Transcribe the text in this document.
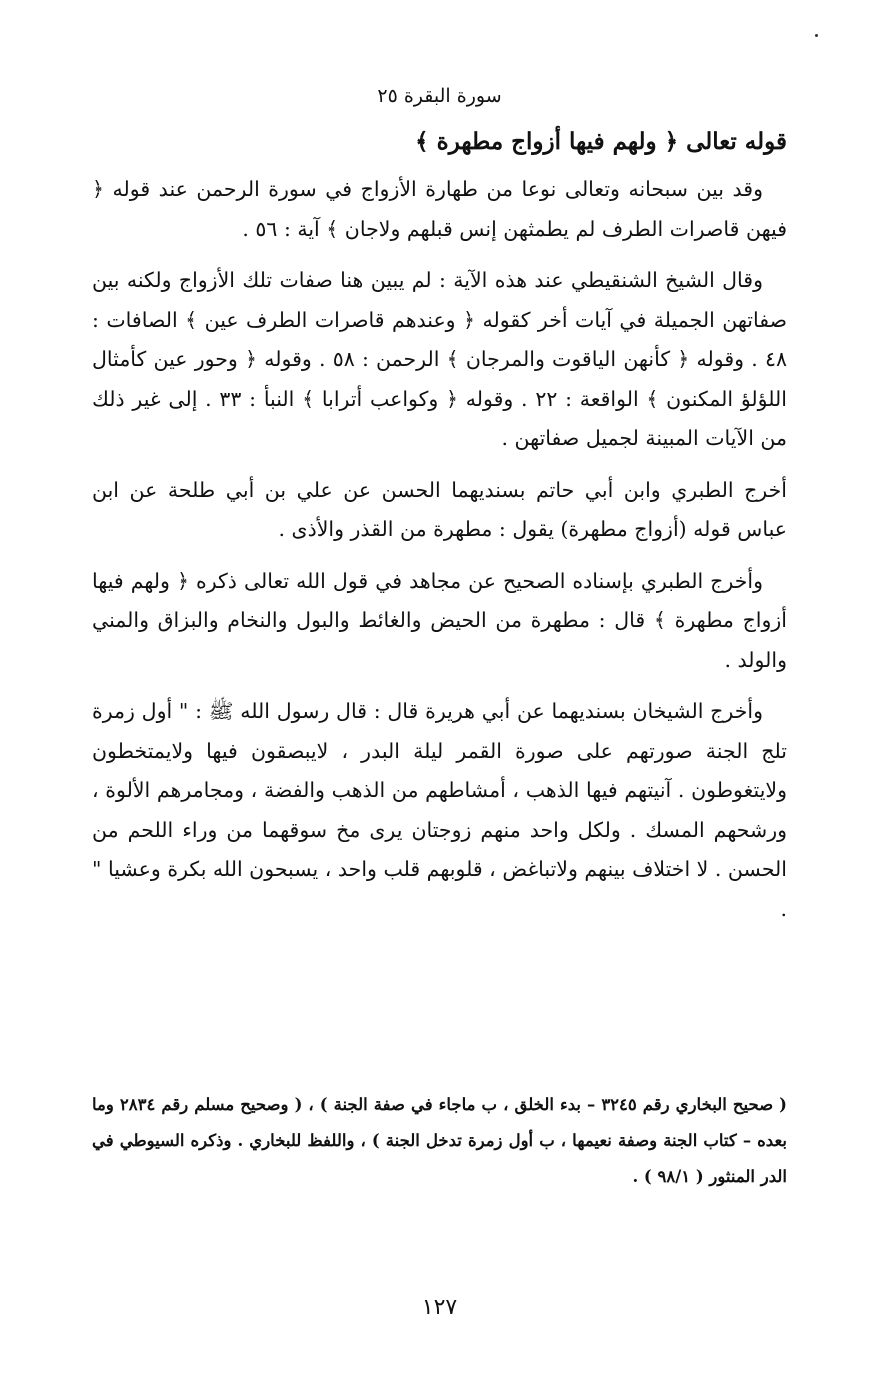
سورة البقرة ٢٥

قوله تعالى ﴿ ولهم فيها أزواج مطهرة ﴾

وقد بين سبحانه وتعالى نوعا من طهارة الأزواج في سورة الرحمن عند قوله ﴿ فيهن قاصرات الطرف لم يطمثهن إنس قبلهم ولاجان ﴾ آية : ٥٦ .

وقال الشيخ الشنقيطي عند هذه الآية : لم يبين هنا صفات تلك الأزواج ولكنه بين صفاتهن الجميلة في آيات أخر كقوله ﴿ وعندهم قاصرات الطرف عين ﴾ الصافات : ٤٨ . وقوله ﴿ كأنهن الياقوت والمرجان ﴾ الرحمن : ٥٨ . وقوله ﴿ وحور عين كأمثال اللؤلؤ المكنون ﴾ الواقعة : ٢٢ . وقوله ﴿ وكواعب أترابا ﴾ النبأ : ٣٣ . إلى غير ذلك من الآيات المبينة لجميل صفاتهن .

أخرج الطبري وابن أبي حاتم بسنديهما الحسن عن علي بن أبي طلحة عن ابن عباس قوله (أزواج مطهرة) يقول : مطهرة من القذر والأذى .

وأخرج الطبري بإسناده الصحيح عن مجاهد في قول الله تعالى ذكره ﴿ ولهم فيها أزواج مطهرة ﴾ قال : مطهرة من الحيض والغائط والبول والنخام والبزاق والمني والولد .

وأخرج الشيخان بسنديهما عن أبي هريرة قال : قال رسول الله ﷺ : " أول زمرة تلج الجنة صورتهم على صورة القمر ليلة البدر ، لايبصقون فيها ولايمتخطون ولايتغوطون . آنيتهم فيها الذهب ، أمشاطهم من الذهب والفضة ، ومجامرهم الألوة ، ورشحهم المسك . ولكل واحد منهم زوجتان يرى مخ سوقهما من وراء اللحم من الحسن . لا اختلاف بينهم ولاتباغض ، قلوبهم قلب واحد ، يسبحون الله بكرة وعشيا " .

( صحيح البخاري رقم ٣٢٤٥ – بدء الخلق ، ب ماجاء في صفة الجنة ) ، ( وصحيح مسلم رقم ٢٨٣٤ وما بعده – كتاب الجنة وصفة نعيمها ، ب أول زمرة تدخل الجنة ) ، واللفظ للبخاري . وذكره السيوطي في الدر المنثور ( ٩٨/١ ) .
١٢٧
